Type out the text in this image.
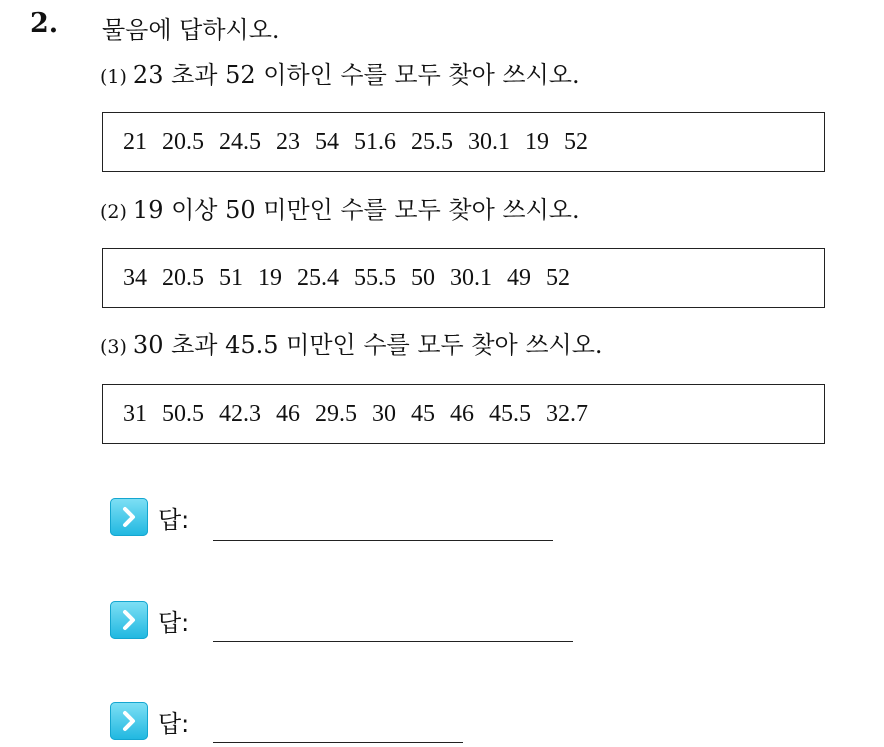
2. 물음에 답하시오.
(1) 23 초과 52 이하인 수를 모두 찾아 쓰시오.
21 20.5 24.5 23 54 51.6 25.5 30.1 19 52
(2) 19 이상 50 미만인 수를 모두 찾아 쓰시오.
34 20.5 51 19 25.4 55.5 50 30.1 49 52
(3) 30 초과 45.5 미만인 수를 모두 찾아 쓰시오.
31 50.5 42.3 46 29.5 30 45 46 45.5 32.7
답:
답:
답:
